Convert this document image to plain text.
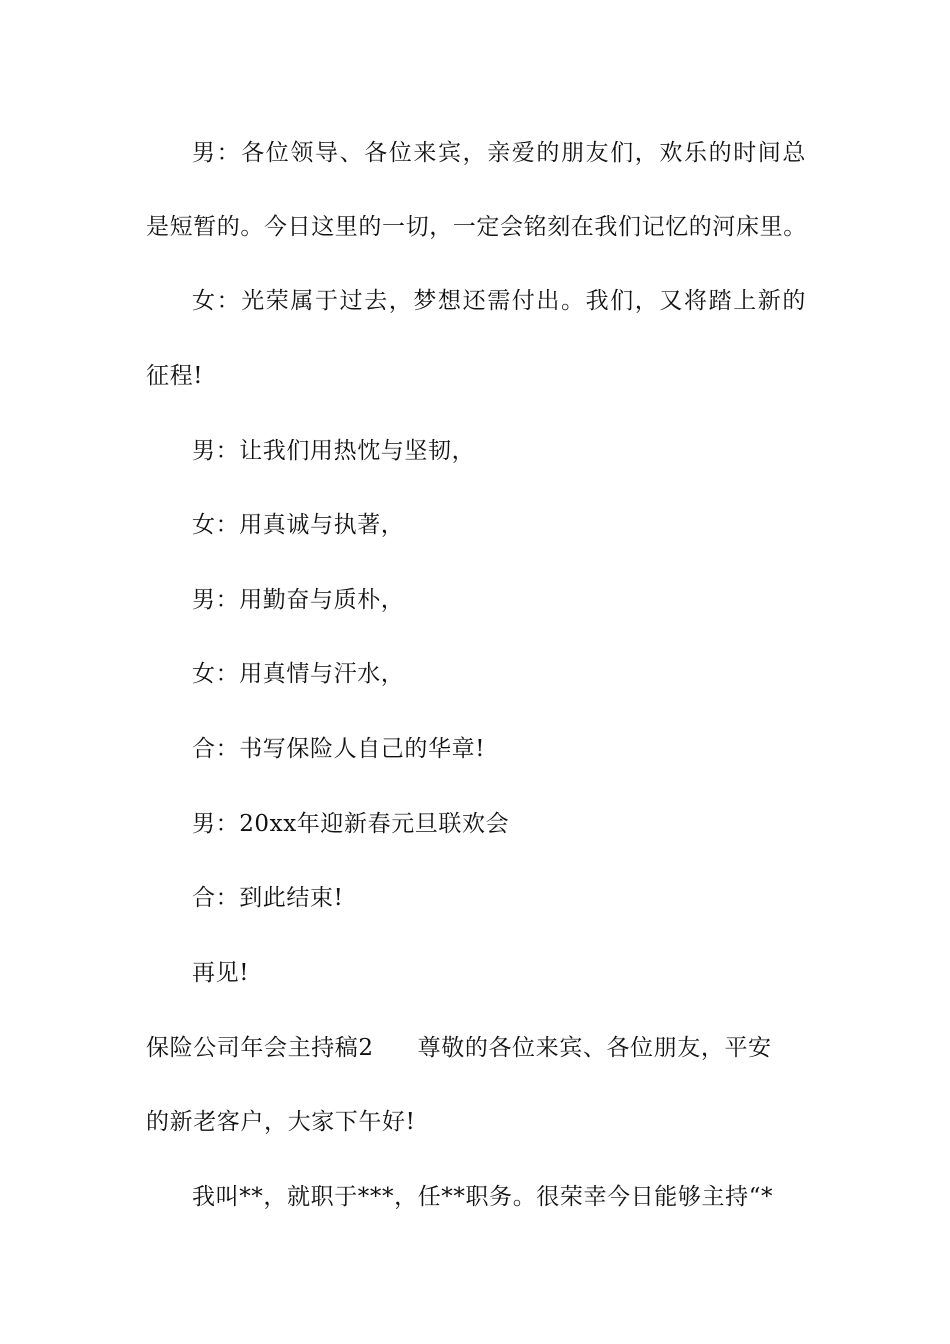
男：各位领导、各位来宾，亲爱的朋友们，欢乐的时间总
是短暂的。今日这里的一切，一定会铭刻在我们记忆的河床里。
女：光荣属于过去，梦想还需付出。我们，又将踏上新的
征程!
男：让我们用热忱与坚韧，
女：用真诚与执著，
男：用勤奋与质朴，
女：用真情与汗水，
合：书写保险人自己的华章!
男：20xx年迎新春元旦联欢会
合：到此结束!
再见!
保险公司年会主持稿2 尊敬的各位来宾、各位朋友，平安
的新老客户，大家下午好!
我叫**，就职于***，任**职务。很荣幸今日能够主持“*
